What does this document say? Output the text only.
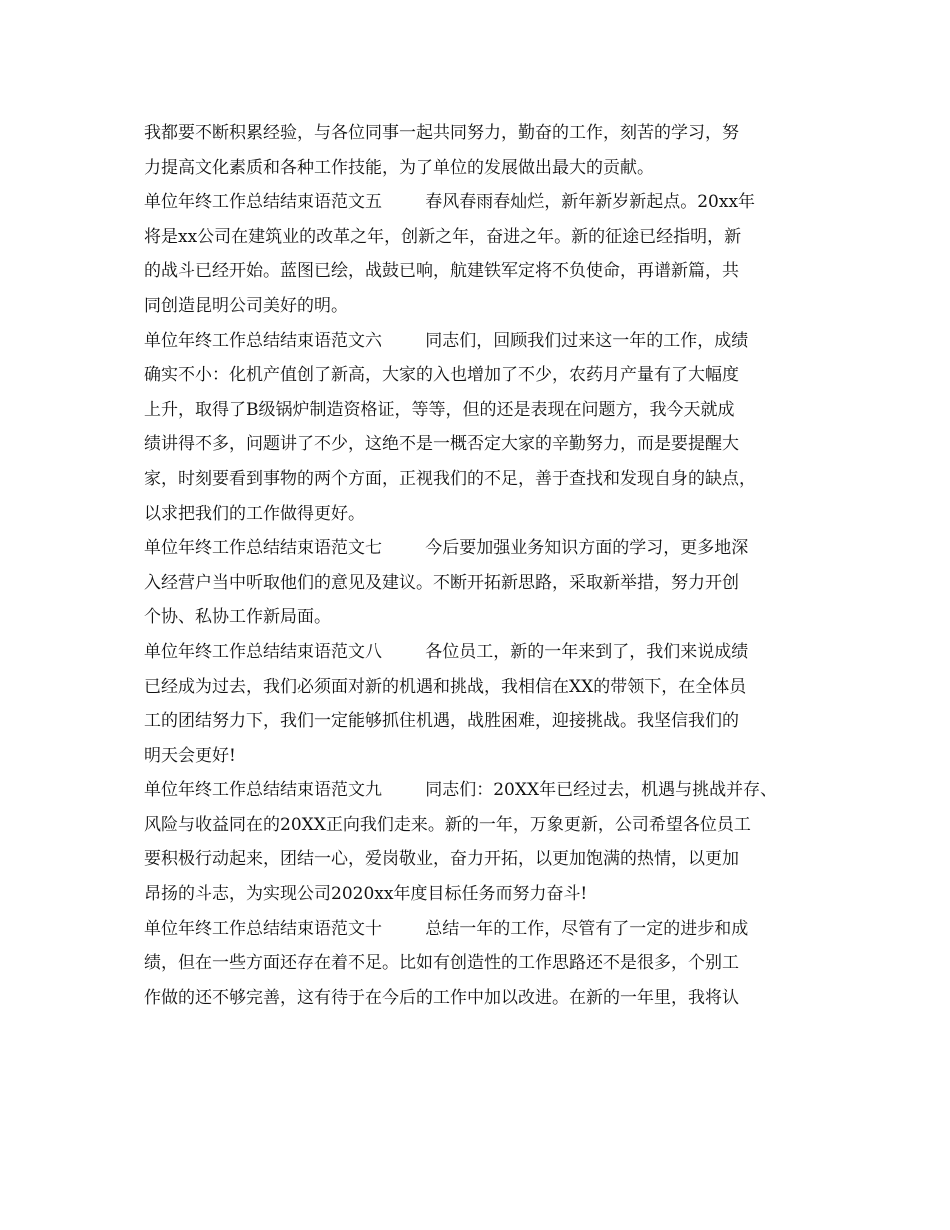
我都要不断积累经验，与各位同事一起共同努力，勤奋的工作，刻苦的学习，努
力提高文化素质和各种工作技能，为了单位的发展做出最大的贡献。
单位年终工作总结结束语范文五        春风春雨春灿烂，新年新岁新起点。20xx年
将是xx公司在建筑业的改革之年，创新之年，奋进之年。新的征途已经指明，新
的战斗已经开始。蓝图已绘，战鼓已响，航建铁军定将不负使命，再谱新篇，共
同创造昆明公司美好的明。
单位年终工作总结结束语范文六        同志们，回顾我们过来这一年的工作，成绩
确实不小：化机产值创了新高，大家的入也增加了不少，农药月产量有了大幅度
上升，取得了B级锅炉制造资格证，等等，但的还是表现在问题方，我今天就成
绩讲得不多，问题讲了不少，这绝不是一概否定大家的辛勤努力，而是要提醒大
家，时刻要看到事物的两个方面，正视我们的不足，善于查找和发现自身的缺点，
以求把我们的工作做得更好。
单位年终工作总结结束语范文七        今后要加强业务知识方面的学习，更多地深
入经营户当中听取他们的意见及建议。不断开拓新思路，采取新举措，努力开创
个协、私协工作新局面。
单位年终工作总结结束语范文八        各位员工，新的一年来到了，我们来说成绩
已经成为过去，我们必须面对新的机遇和挑战，我相信在XX的带领下，在全体员
工的团结努力下，我们一定能够抓住机遇，战胜困难，迎接挑战。我坚信我们的
明天会更好!
单位年终工作总结结束语范文九        同志们：20XX年已经过去，机遇与挑战并存、
风险与收益同在的20XX正向我们走来。新的一年，万象更新，公司希望各位员工
要积极行动起来，团结一心，爱岗敬业，奋力开拓，以更加饱满的热情，以更加
昂扬的斗志，为实现公司2020xx年度目标任务而努力奋斗!
单位年终工作总结结束语范文十        总结一年的工作，尽管有了一定的进步和成
绩，但在一些方面还存在着不足。比如有创造性的工作思路还不是很多，个别工
作做的还不够完善，这有待于在今后的工作中加以改进。在新的一年里，我将认
